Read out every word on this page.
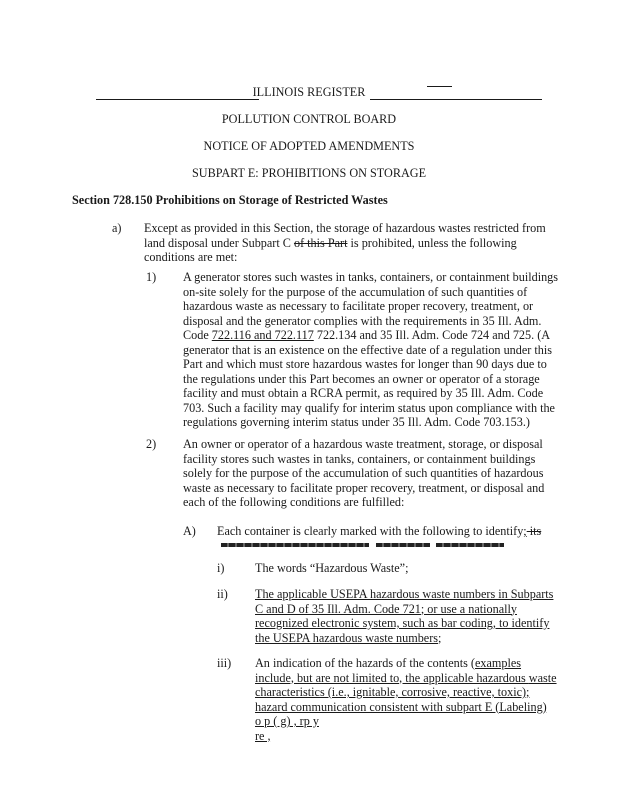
ILLINOIS REGISTER
POLLUTION CONTROL BOARD
NOTICE OF ADOPTED AMENDMENTS
SUBPART E: PROHIBITIONS ON STORAGE
Section 728.150 Prohibitions on Storage of Restricted Wastes
a) Except as provided in this Section, the storage of hazardous wastes restricted from
land disposal under Subpart C of this Part is prohibited, unless the following
conditions are met:
1) A generator stores such wastes in tanks, containers, or containment buildings
on-site solely for the purpose of the accumulation of such quantities of
hazardous waste as necessary to facilitate proper recovery, treatment, or
disposal and the generator complies with the requirements in 35 Ill. Adm.
Code 722.116 and 722.117 722.134 and 35 Ill. Adm. Code 724 and 725. (A
generator that is an existence on the effective date of a regulation under this
Part and which must store hazardous wastes for longer than 90 days due to
the regulations under this Part becomes an owner or operator of a storage
facility and must obtain a RCRA permit, as required by 35 Ill. Adm. Code
703. Such a facility may qualify for interim status upon compliance with the
regulations governing interim status under 35 Ill. Adm. Code 703.153.)
2) An owner or operator of a hazardous waste treatment, storage, or disposal
facility stores such wastes in tanks, containers, or containment buildings
solely for the purpose of the accumulation of such quantities of hazardous
waste as necessary to facilitate proper recovery, treatment, or disposal and
each of the following conditions are fulfilled:
A) Each container is clearly marked with the following to identify; its
i)	The words “Hazardous Waste”;
ii) The applicable USEPA hazardous waste numbers in Subparts
C and D of 35 Ill. Adm. Code 721; or use a nationally
recognized electronic system, such as bar coding, to identify
the USEPA hazardous waste numbers;
iii) An indication of the hazards of the contents (examples
include, but are not limited to, the applicable hazardous waste
characteristics (i.e., ignitable, corrosive, reactive, toxic);
hazard communication consistent with subpart E (Labeling)
o p ( g) , rp y
re ,
